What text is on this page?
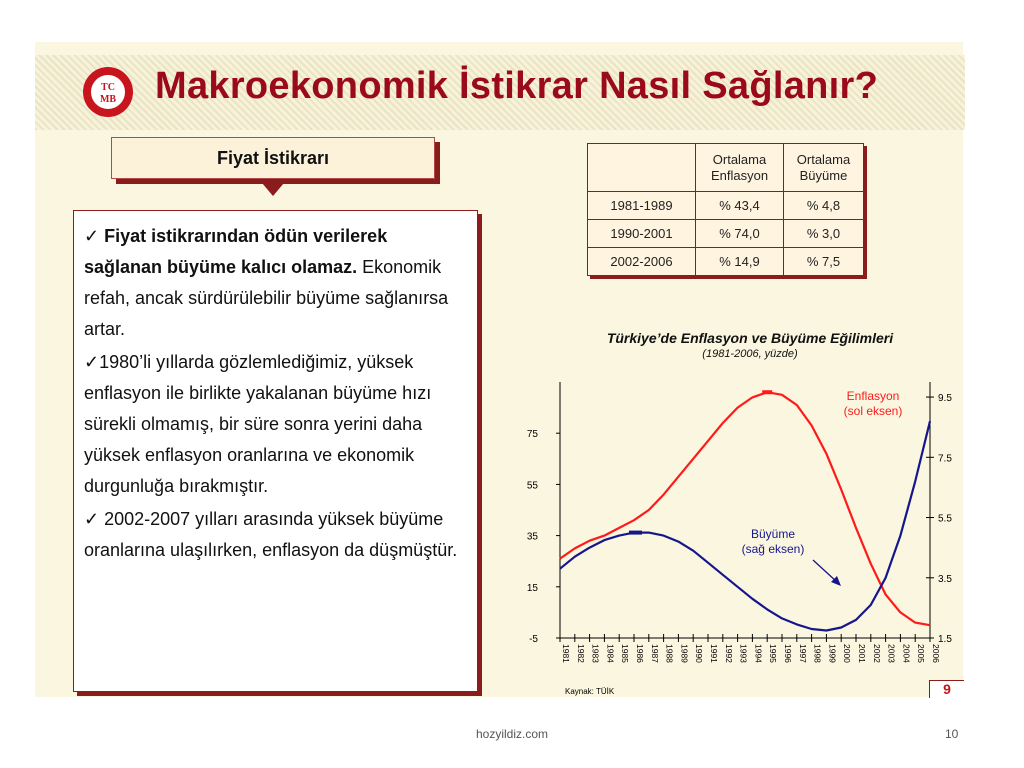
TC
MB Makroekonomik İstikrar Nasıl Sağlanır?
Fiyat İstikrarı

✓ Fiyat istikrarından ödün verilerek sağlanan büyüme kalıcı olamaz. Ekonomik refah, ancak sürdürülebilir büyüme sağlanırsa artar.

✓1980’li yıllarda gözlemlediğimiz, yüksek enflasyon ile birlikte yakalanan büyüme hızı sürekli olmamış, bir süre sonra yerini daha yüksek enflasyon oranlarına ve ekonomik durgunluğa bırakmıştır.

✓ 2002-2007 yılları arasında yüksek büyüme oranlarına ulaşılırken, enflasyon da düşmüştür.

	Ortalama Enflasyon	Ortalama Büyüme
1981-1989	% 43,4	% 4,8
1990-2001	% 74,0	% 3,0
2002-2006	% 14,9	% 7,5
Türkiye’de Enflasyon ve Büyüme Eğilimleri
(1981-2006, yüzde)
-5
15
35
55
75
1.5
3.5
5.5
7.5
9.5
1981 1982 1983 1984 1985 1986 1987 1988 1989 1990 1991 1992 1993 1994 1995 1996 1997 1998 1999 2000 2001 2002 2003 2004 2005 2006
Enflasyon
(sol eksen)
Büyüme
(sağ eksen)
Kaynak: TÜİK	9
hozyildiz.com	10
